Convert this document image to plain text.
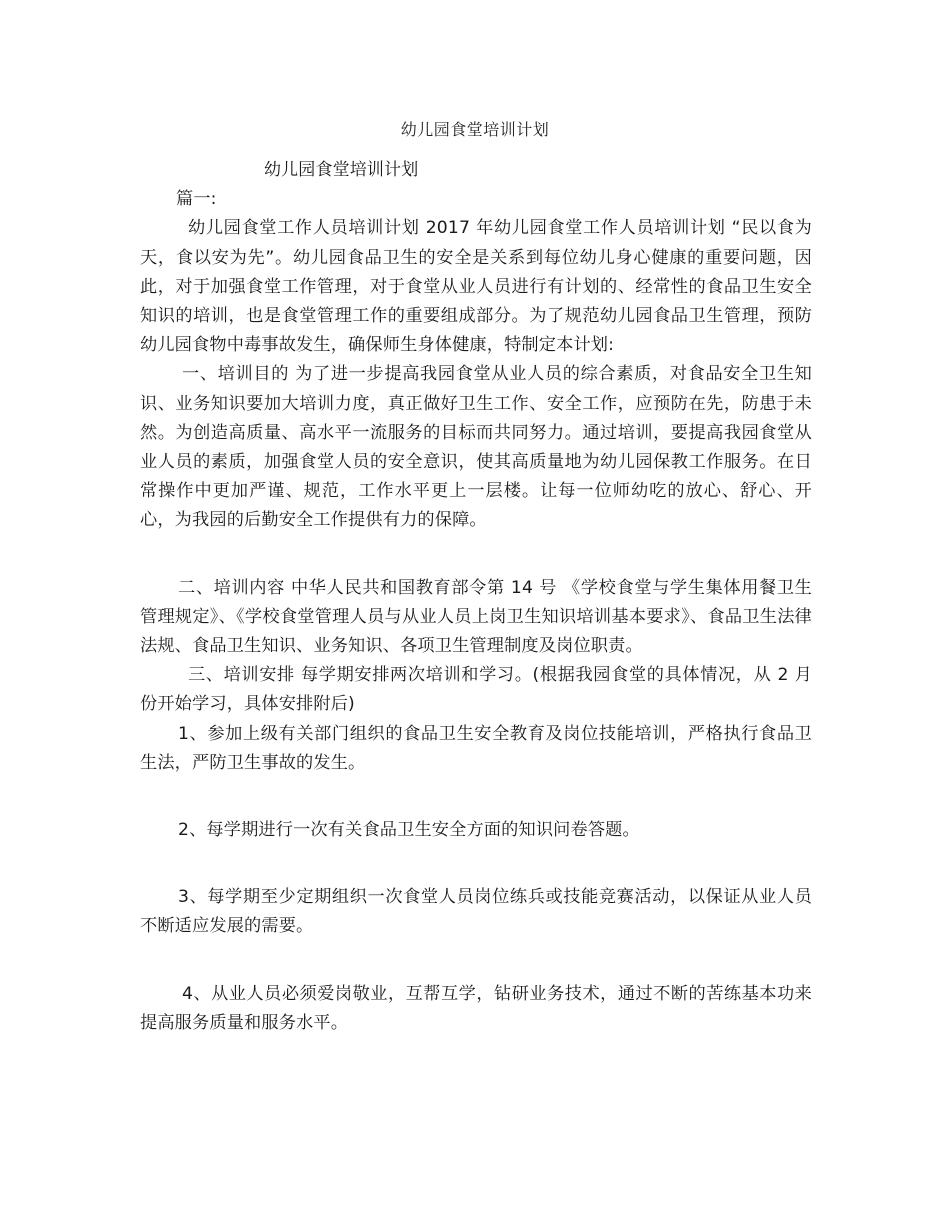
幼儿园食堂培训计划

幼儿园食堂培训计划

篇一:

幼儿园食堂工作人员培训计划 2017 年幼儿园食堂工作人员培训计划 “民以食为天，食以安为先”。幼儿园食品卫生的安全是关系到每位幼儿身心健康的重要问题，因此，对于加强食堂工作管理，对于食堂从业人员进行有计划的、经常性的食品卫生安全知识的培训，也是食堂管理工作的重要组成部分。为了规范幼儿园食品卫生管理，预防幼儿园食物中毒事故发生，确保师生身体健康，特制定本计划:

一、培训目的 为了进一步提高我园食堂从业人员的综合素质，对食品安全卫生知识、业务知识要加大培训力度，真正做好卫生工作、安全工作，应预防在先，防患于未然。为创造高质量、高水平一流服务的目标而共同努力。通过培训，要提高我园食堂从业人员的素质，加强食堂人员的安全意识，使其高质量地为幼儿园保教工作服务。在日常操作中更加严谨、规范，工作水平更上一层楼。让每一位师幼吃的放心、舒心、开心，为我园的后勤安全工作提供有力的保障。

二、培训内容 中华人民共和国教育部令第 14 号 《学校食堂与学生集体用餐卫生管理规定》、《学校食堂管理人员与从业人员上岗卫生知识培训基本要求》、食品卫生法律法规、食品卫生知识、业务知识、各项卫生管理制度及岗位职责。

三、培训安排 每学期安排两次培训和学习。(根据我园食堂的具体情况，从 2 月份开始学习，具体安排附后)

1、参加上级有关部门组织的食品卫生安全教育及岗位技能培训，严格执行食品卫生法，严防卫生事故的发生。

2、每学期进行一次有关食品卫生安全方面的知识问卷答题。

3、每学期至少定期组织一次食堂人员岗位练兵或技能竞赛活动，以保证从业人员不断适应发展的需要。

4、从业人员必须爱岗敬业，互帮互学，钻研业务技术，通过不断的苦练基本功来提高服务质量和服务水平。
